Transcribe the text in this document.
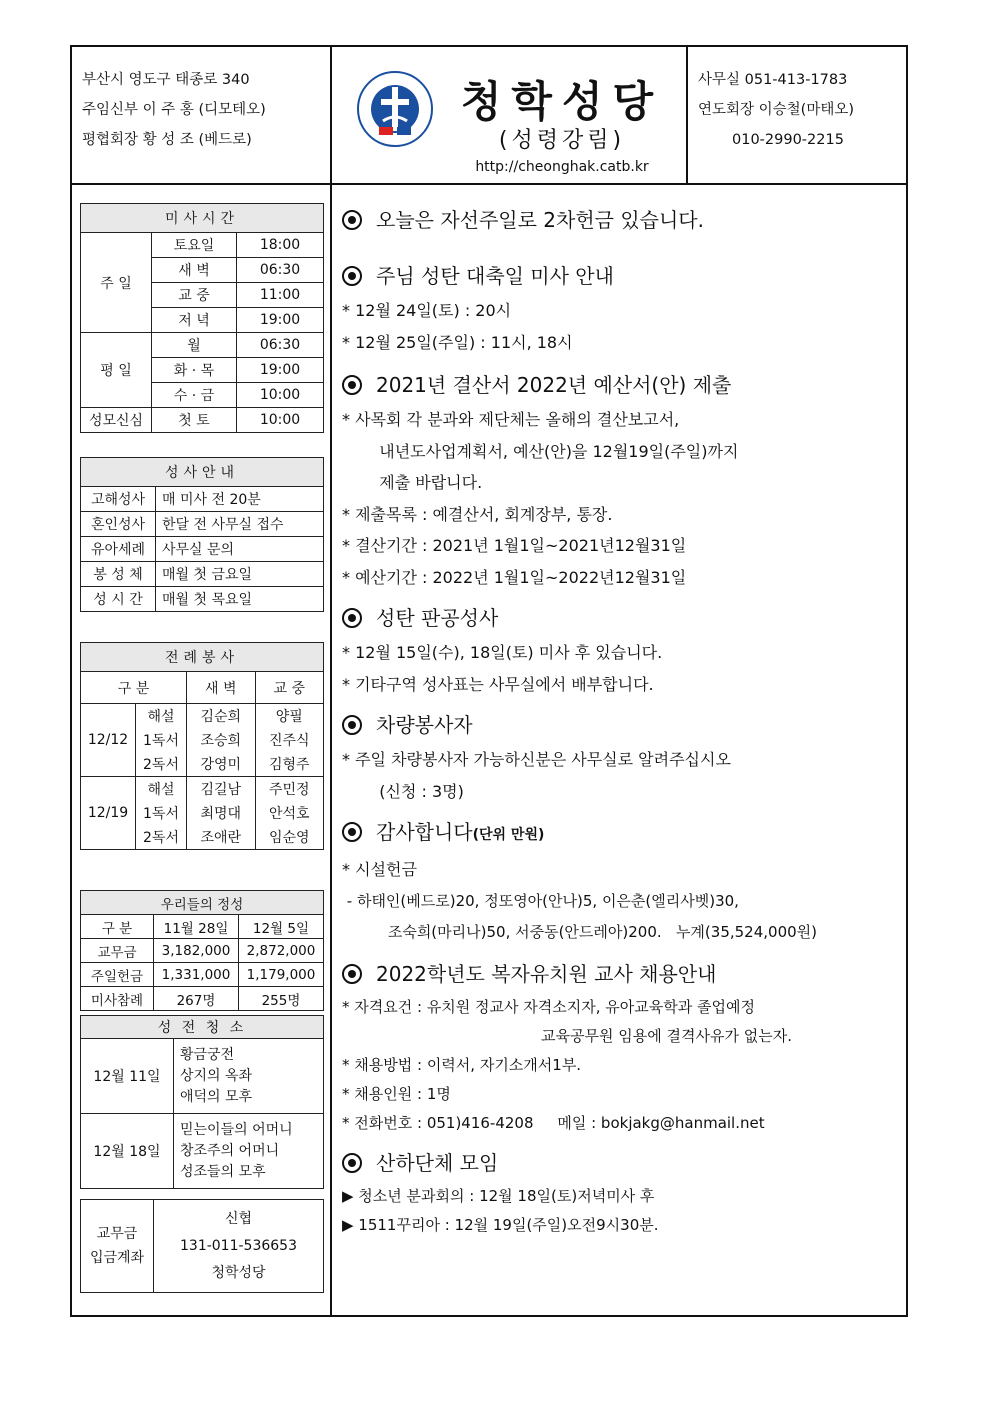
부산시 영도구 태종로 340
주임신부 이 주 홍 (디모테오)
평협회장 황 성 조 (베드로)
청학성당
(성령강림)
http://cheonghak.catb.kr
사무실 051-413-1783
연도회장 이승철(마태오)
010-2990-2215
미사시간		
주 일	토요일	18:00
	새 벽	06:30
	교 중	11:00
	저 녁	19:00
평 일	월	06:30
	화 · 목	19:00
	수 · 금	10:00
성모신심	첫 토	10:00
성사안내	
고해성사	매 미사 전 20분
혼인성사	한달 전 사무실 접수
유아세례	사무실 문의
봉 성 체	매월 첫 금요일
성 시 간	매월 첫 목요일
전례봉사			
구 분		새 벽	교 중
12/12	해설	김순희	양필
	1독서	조승희	진주식
	2독서	강영미	김형주
12/19	해설	김길남	주민정
	1독서	최명대	안석호
	2독서	조애란	임순영
우리들의 정성		
구 분	11월 28일	12월 5일
교무금	3,182,000	2,872,000
주일헌금	1,331,000	1,179,000
미사참례	267명	255명
성 전 청 소	
12월 11일	황금궁전
상지의 옥좌
애덕의 모후

12월 18일	믿는이들의 어머니
창조주의 어머니
성조들의 모후
교무금
입금계좌

신협
131-011-536653
청학성당
오늘은 자선주일로 2차헌금 있습니다.
주님 성탄 대축일 미사 안내
* 12월 24일(토) : 20시
* 12월 25일(주일) : 11시, 18시
2021년 결산서 2022년 예산서(안) 제출
* 사목회 각 분과와 제단체는 올해의 결산보고서,
내년도사업계획서, 예산(안)을 12월19일(주일)까지
제출 바랍니다.
* 제출목록 : 예결산서, 회계장부, 통장.
* 결산기간 : 2021년 1월1일~2021년12월31일
* 예산기간 : 2022년 1월1일~2022년12월31일
성탄 판공성사
* 12월 15일(수), 18일(토) 미사 후 있습니다.
* 기타구역 성사표는 사무실에서 배부합니다.
차량봉사자
* 주일 차량봉사자 가능하신분은 사무실로 알려주십시오
(신청 : 3명)
감사합니다(단위 만원)
* 시설헌금
- 하태인(베드로)20, 정또영아(안나)5, 이은춘(엘리사벳)30,
조숙희(마리나)50, 서중동(안드레아)200.   누계(35,524,000원)
2022학년도 복자유치원 교사 채용안내
* 자격요건 : 유치원 정교사 자격소지자, 유아교육학과 졸업예정
교육공무원 임용에 결격사유가 없는자.
* 채용방법 : 이력서, 자기소개서1부.
* 채용인원 : 1명
* 전화번호 : 051)416-4208     메일 : bokjakg@hanmail.net
산하단체 모임
▶ 청소년 분과회의 : 12월 18일(토)저녁미사 후
▶ 1511꾸리아 : 12월 19일(주일)오전9시30분.
